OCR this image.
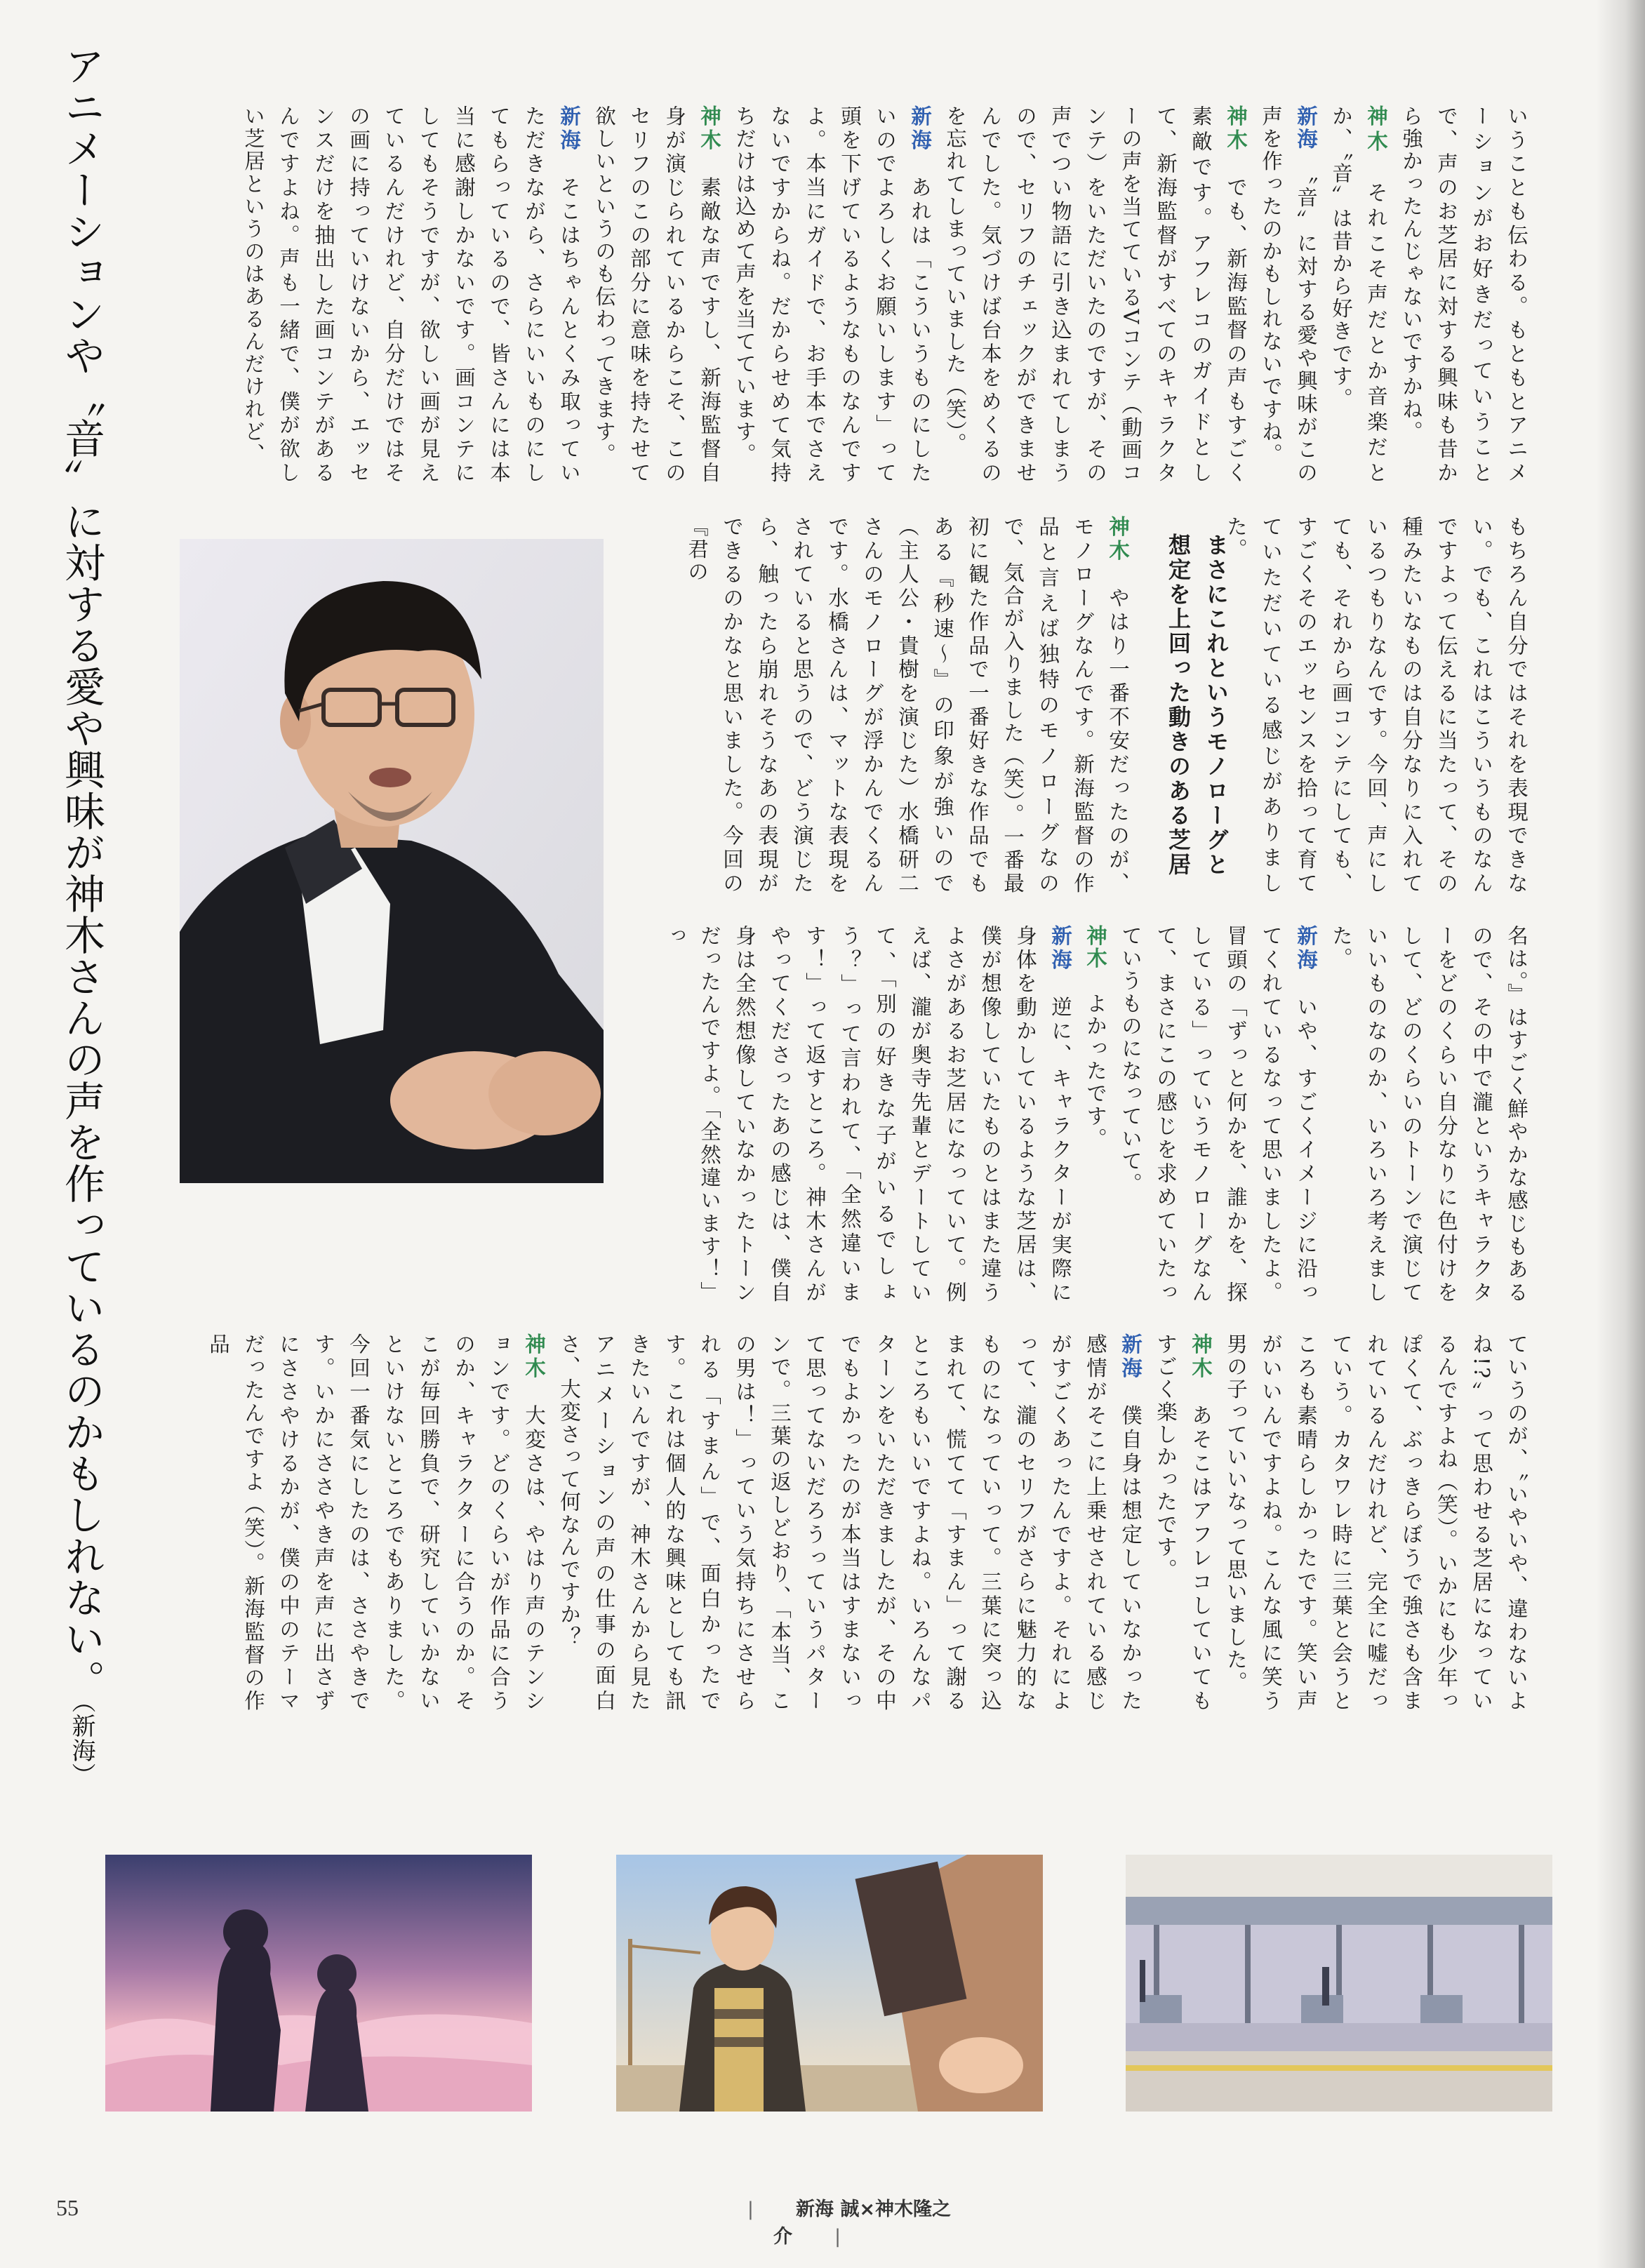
アニメーションや〝音〟に対する愛や興味が神木さんの声を作っているのかもしれない。（新海）

いうことも伝わる。もともとアニメーションがお好きだっていうことで、声のお芝居に対する興味も昔から強かったんじゃないですかね。

神木　それこそ声だとか音楽だとか、〝音〟は昔から好きです。

新海　〝音〟に対する愛や興味がこの声を作ったのかもしれないですね。

神木　でも、新海監督の声もすごく素敵です。アフレコのガイドとして、新海監督がすべてのキャラクターの声を当てているVコンテ（動画コンテ）をいただいたのですが、その声でつい物語に引き込まれてしまうので、セリフのチェックができませんでした。気づけば台本をめくるのを忘れてしまっていました（笑）。

新海　あれは「こういうものにしたいのでよろしくお願いします」って頭を下げているようなものなんですよ。本当にガイドで、お手本でさえないですからね。だからせめて気持ちだけは込めて声を当てています。

神木　素敵な声ですし、新海監督自身が演じられているからこそ、このセリフのこの部分に意味を持たせて欲しいというのも伝わってきます。

新海　そこはちゃんとくみ取っていただきながら、さらにいいものにしてもらっているので、皆さんには本当に感謝しかないです。画コンテにしてもそうですが、欲しい画が見えているんだけれど、自分だけではその画に持っていけないから、エッセンスだけを抽出した画コンテがあるんですよね。声も一緒で、僕が欲しい芝居というのはあるんだけれど、

もちろん自分ではそれを表現できない。でも、これはこういうものなんですよって伝えるに当たって、その種みたいなものは自分なりに入れているつもりなんです。今回、声にしても、それから画コンテにしても、すごくそのエッセンスを拾って育てていただいている感じがありました。

まさにこれというモノローグと
想定を上回った動きのある芝居

神木　やはり一番不安だったのが、モノローグなんです。新海監督の作品と言えば独特のモノローグなので、気合が入りました（笑）。一番最初に観た作品で一番好きな作品でもある『秒速～』の印象が強いので（主人公・貴樹を演じた）水橋研二さんのモノローグが浮かんでくるんです。水橋さんは、マットな表現をされていると思うので、どう演じたら、触ったら崩れそうなあの表現ができるのかなと思いました。今回の『君の

名は。』はすごく鮮やかな感じもあるので、その中で瀧というキャラクターをどのくらい自分なりに色付けをして、どのくらいのトーンで演じていいものなのか、いろいろ考えました。

新海　いや、すごくイメージに沿ってくれているなって思いましたよ。冒頭の「ずっと何かを、誰かを、探している」っていうモノローグなんて、まさにこの感じを求めていたっていうものになっていて。

神木　よかったです。

新海　逆に、キャラクターが実際に身体を動かしているような芝居は、僕が想像していたものとはまた違うよさがあるお芝居になっていて。例えば、瀧が奥寺先輩とデートしていて、「別の好きな子がいるでしょう？」って言われて、「全然違います！」って返すところ。神木さんがやってくださったあの感じは、僕自身は全然想像していなかったトーンだったんですよ。「全然違います！」っ

ていうのが、〝いやいや、違わないよね!?〟って思わせる芝居になっているんですよね（笑）。いかにも少年っぽくて、ぶっきらぼうで強さも含まれているんだけれど、完全に嘘だっていう。カタワレ時に三葉と会うところも素晴らしかったです。笑い声がいいんですよね。こんな風に笑う男の子っていいなって思いました。

神木　あそこはアフレコしていてもすごく楽しかったです。

新海　僕自身は想定していなかった感情がそこに上乗せされている感じがすごくあったんですよ。それによって、瀧のセリフがさらに魅力的なものになっていって。三葉に突っ込まれて、慌てて「すまん」って謝るところもいいですよね。いろんなパターンをいただきましたが、その中でもよかったのが本当はすまないって思ってないだろうっていうパターンで。三葉の返しどおり、「本当、この男は！」っていう気持ちにさせられる「すまん」で、面白かったです。これは個人的な興味としても訊きたいんですが、神木さんから見たアニメーションの声の仕事の面白さ、大変さって何なんですか？

神木　大変さは、やはり声のテンションです。どのくらいが作品に合うのか、キャラクターに合うのか。そこが毎回勝負で、研究していかないといけないところでもありました。今回一番気にしたのは、ささやきです。いかにささやき声を声に出さずにささやけるかが、僕の中のテーマだったんですよ（笑）。新海監督の作品

55	| 新海 誠×神木隆之介 |
